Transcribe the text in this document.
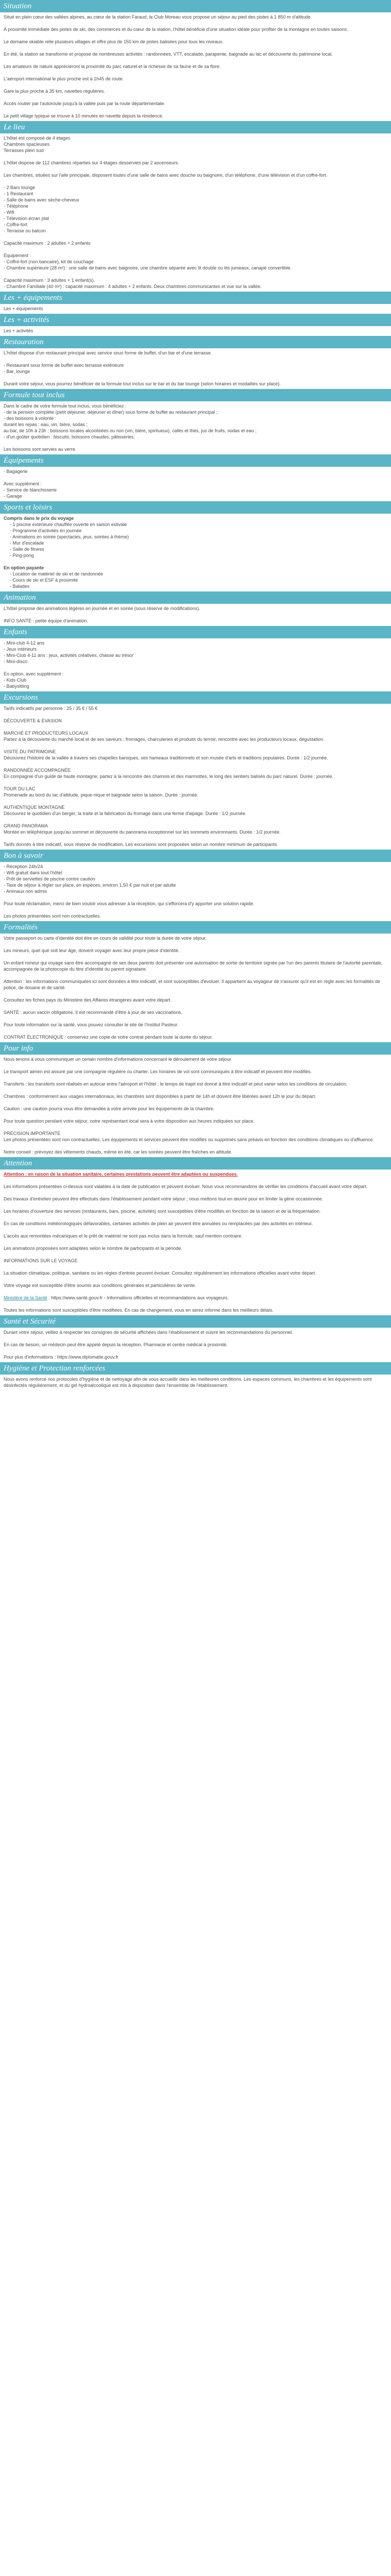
Situation

Situé en plein cœur des vallées alpines, au cœur de la station Faraud, le Club Moreau vous propose un séjour au pied des pistes à 1 850 m d'altitude.

À proximité immédiate des pistes de ski, des commerces et du cœur de la station, l'hôtel bénéficie d'une situation idéale pour profiter de la montagne en toutes saisons.

Le domaine skiable relie plusieurs villages et offre plus de 150 km de pistes balisées pour tous les niveaux.

En été, la station se transforme et propose de nombreuses activités : randonnées, VTT, escalade, parapente, baignade au lac et découverte du patrimoine local.

Les amateurs de nature apprécieront la proximité du parc naturel et la richesse de sa faune et de sa flore.

L'aéroport international le plus proche est à 1h45 de route.

Gare la plus proche à 35 km, navettes régulières.

Accès routier par l'autoroute jusqu'à la vallée puis par la route départementale.

Le petit village typique se trouve à 10 minutes en navette depuis la résidence.

Le lieu

L'hôtel est composé de 4 étages

Chambres spacieuses

Terrasses plein sud

L'hôtel dispose de 112 chambres réparties sur 4 étages desservies par 2 ascenseurs.

Les chambres, situées sur l'aile principale, disposent toutes d'une salle de bains avec douche ou baignoire, d'un téléphone, d'une télévision et d'un coffre-fort.

- 2 Bars lounge
- 1 Restaurant
- Salle de bains avec sèche-cheveux
- Téléphone
- Wifi
- Télévision écran plat
- Coffre-fort
- Terrasse ou balcon

Capacité maximum : 2 adultes + 2 enfants

Équipement :
- Coffre-fort (non bancaire), kit de couchage
- Chambre supérieure (28 m²) : une salle de bains avec baignoire, une chambre séparée avec lit double ou lits jumeaux, canapé convertible.

Capacité maximum : 3 adultes + 1 enfant(s).
- Chambre Familiale (40 m²) : capacité maximum : 4 adultes + 2 enfants. Deux chambres communicantes et vue sur la vallée.

Les + équipements

Les + équipements

Les + activités

Les + activités

Restauration

L'hôtel dispose d'un restaurant principal avec service sous forme de buffet, d'un bar et d'une terrasse.

- Restaurant sous forme de buffet avec terrasse extérieure
- Bar, lounge

Durant votre séjour, vous pourrez bénéficier de la formule tout inclus sur le bar et du bar lounge (selon horaires et modalités sur place).

Formule tout inclus

Dans le cadre de votre formule tout inclus, vous bénéficiez :
- de la pension complète (petit déjeuner, déjeuner et dîner) sous forme de buffet au restaurant principal ;
- des boissons à volonté :
durant les repas : eau, vin, bière, sodas ;
au bar, de 10h à 23h : boissons locales alcoolisées ou non (vin, bière, spiritueux), cafés et thés, jus de fruits, sodas et eau ;
- d'un goûter quotidien : biscuits, boissons chaudes, pâtisseries.

Les boissons sont servies au verre.

Équipements

- Bagagerie

Avec supplément :
- Service de blanchisserie
- Garage

Sports et loisirs

Compris dans le prix du voyage

- 1 piscine extérieure chauffée ouverte en saison estivale
- Programme d'activités en journée
- Animations en soirée (spectacles, jeux, soirées à thème)
- Mur d'escalade
- Salle de fitness
- Ping-pong

En option payante

- Location de matériel de ski et de randonnée
- Cours de ski et ESF à proximité
- Balades

Animation

L'hôtel propose des animations légères en journée et en soirée (sous réserve de modifications).

INFO SANTÉ : petite équipe d'animation.

Enfants

- Mini-club 4-12 ans
- Jeux intérieurs
- Mini-Club 4-11 ans : jeux, activités créatives, chasse au trésor
- Mini-disco

En option, avec supplément :
- Kids Club
- Babysitting

Excursions

Tarifs indicatifs par personne : 25 / 35 € / 55 €

DÉCOUVERTE & ÉVASION

MARCHÉ ET PRODUCTEURS LOCAUX
Partez à la découverte du marché local et de ses saveurs : fromages, charcuteries et produits du terroir, rencontre avec les producteurs locaux, dégustation.

VISITE DU PATRIMOINE
Découvrez l'histoire de la vallée à travers ses chapelles baroques, ses hameaux traditionnels et son musée d'arts et traditions populaires. Durée : 1/2 journée.

RANDONNÉE ACCOMPAGNÉE
En compagnie d'un guide de haute montagne, partez à la rencontre des chamois et des marmottes, le long des sentiers balisés du parc naturel. Durée : journée.

TOUR DU LAC
Promenade au bord du lac d'altitude, pique-nique et baignade selon la saison. Durée : journée.

AUTHENTIQUE MONTAGNE
Découvrez le quotidien d'un berger, la traite et la fabrication du fromage dans une ferme d'alpage. Durée : 1/2 journée.

GRAND PANORAMA
Montée en téléphérique jusqu'au sommet et découverte du panorama exceptionnel sur les sommets environnants. Durée : 1/2 journée.

Tarifs donnés à titre indicatif, sous réserve de modification. Les excursions sont proposées selon un nombre minimum de participants.

Bon à savoir

- Réception 24h/24
- Wifi gratuit dans tout l'hôtel
- Prêt de serviettes de piscine contre caution
- Taxe de séjour à régler sur place, en espèces, environ 1,50 € par nuit et par adulte
- Animaux non admis

Pour toute réclamation, merci de bien vouloir vous adresser à la réception, qui s'efforcera d'y apporter une solution rapide.

Les photos présentées sont non contractuelles.

Formalités

Votre passeport ou carte d'identité doit être en cours de validité pour toute la durée de votre séjour.

Les mineurs, quel que soit leur âge, doivent voyager avec leur propre pièce d'identité.

Un enfant mineur qui voyage sans être accompagné de ses deux parents doit présenter une autorisation de sortie de territoire signée par l'un des parents titulaire de l'autorité parentale, accompagnée de la photocopie du titre d'identité du parent signataire.

Attention : les informations communiquées ici sont données à titre indicatif, et sont susceptibles d'évoluer. Il appartient au voyageur de s'assurer qu'il est en règle avec les formalités de police, de douane et de santé.

Consultez les fiches pays du Ministère des Affaires étrangères avant votre départ.

SANTÉ : aucun vaccin obligatoire. Il est recommandé d'être à jour de ses vaccinations.

Pour toute information sur la santé, vous pouvez consulter le site de l'Institut Pasteur.

CONTRAT ÉLECTRONIQUE : conservez une copie de votre contrat pendant toute la durée du séjour.

Pour info

Nous tenons à vous communiquer un certain nombre d'informations concernant le déroulement de votre séjour.

Le transport aérien est assuré par une compagnie régulière ou charter. Les horaires de vol sont communiqués à titre indicatif et peuvent être modifiés.

Transferts : les transferts sont réalisés en autocar entre l'aéroport et l'hôtel ; le temps de trajet est donné à titre indicatif et peut varier selon les conditions de circulation.

Chambres : conformément aux usages internationaux, les chambres sont disponibles à partir de 14h et doivent être libérées avant 12h le jour du départ.

Caution : une caution pourra vous être demandée à votre arrivée pour les équipements de la chambre.

Pour toute question pendant votre séjour, notre représentant local sera à votre disposition aux heures indiquées sur place.

PRÉCISION IMPORTANTE
Les photos présentées sont non contractuelles. Les équipements et services peuvent être modifiés ou supprimés sans préavis en fonction des conditions climatiques ou d'affluence.

Notre conseil : prévoyez des vêtements chauds, même en été, car les soirées peuvent être fraîches en altitude.

Attention

Attention : en raison de la situation sanitaire, certaines prestations peuvent être adaptées ou suspendues.

Les informations présentées ci-dessus sont valables à la date de publication et peuvent évoluer. Nous vous recommandons de vérifier les conditions d'accueil avant votre départ.

Des travaux d'entretien peuvent être effectués dans l'établissement pendant votre séjour ; nous mettons tout en œuvre pour en limiter la gêne occasionnée.

Les horaires d'ouverture des services (restaurants, bars, piscine, activités) sont susceptibles d'être modifiés en fonction de la saison et de la fréquentation.

En cas de conditions météorologiques défavorables, certaines activités de plein air peuvent être annulées ou remplacées par des activités en intérieur.

L'accès aux remontées mécaniques et le prêt de matériel ne sont pas inclus dans la formule, sauf mention contraire.

Les animations proposées sont adaptées selon le nombre de participants et la période.

INFORMATIONS SUR LE VOYAGE

La situation climatique, politique, sanitaire ou les règles d'entrée peuvent évoluer. Consultez régulièrement les informations officielles avant votre départ.

Votre voyage est susceptible d'être soumis aux conditions générales et particulières de vente.

Ministère de la Santé : https://www.santé.gouv.fr - Informations officielles et recommandations aux voyageurs.

Toutes les informations sont susceptibles d'être modifiées. En cas de changement, vous en serez informé dans les meilleurs délais.

Santé et Sécurité

Durant votre séjour, veillez à respecter les consignes de sécurité affichées dans l'établissement et suivre les recommandations du personnel.

En cas de besoin, un médecin peut être appelé depuis la réception. Pharmacie et centre médical à proximité.

Pour plus d'informations : https://www.diplomatie.gouv.fr

Hygiène et Protection renforcées

Nous avons renforcé nos protocoles d'hygiène et de nettoyage afin de vous accueillir dans les meilleures conditions. Les espaces communs, les chambres et les équipements sont désinfectés régulièrement, et du gel hydroalcoolique est mis à disposition dans l'ensemble de l'établissement.
